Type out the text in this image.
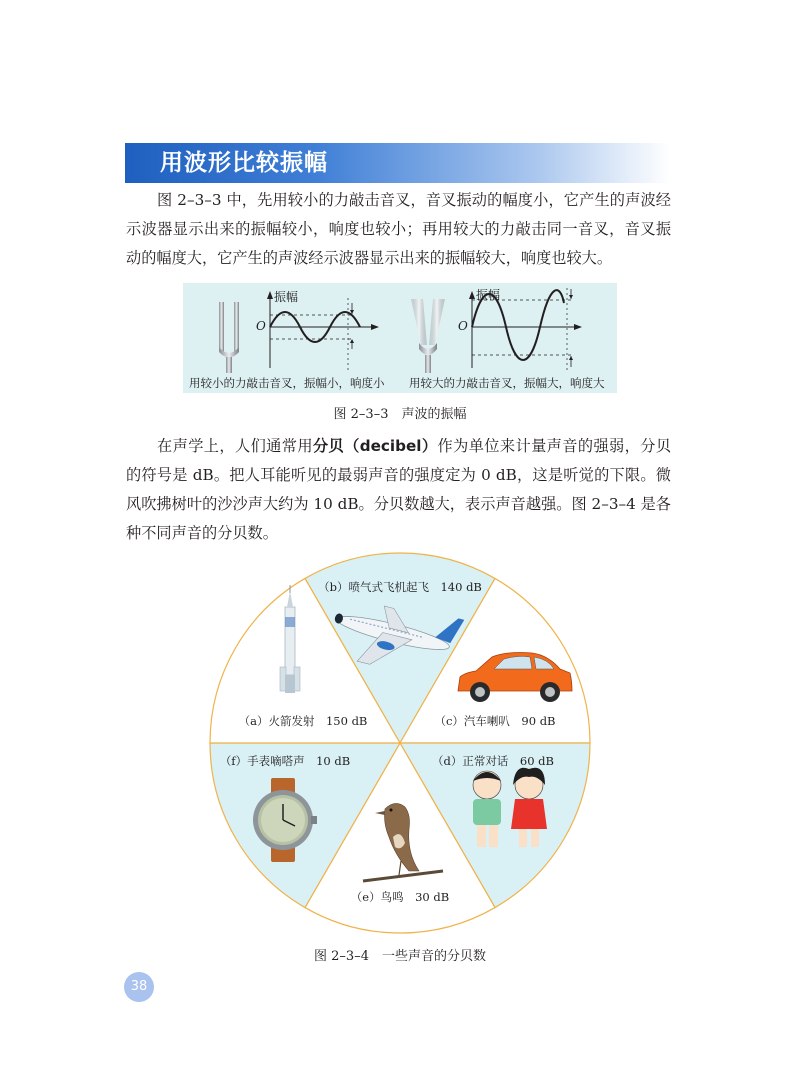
用波形比较振幅

图 2–3–3 中，先用较小的力敲击音叉，音叉振动的幅度小，它产生的声波经示波器显示出来的振幅较小，响度也较小；再用较大的力敲击同一音叉，音叉振动的幅度大，它产生的声波经示波器显示出来的振幅较大，响度也较大。

振幅
O
振幅
O
用较小的力敲击音叉，振幅小，响度小 用较大的力敲击音叉，振幅大，响度大
图 2–3–3　声波的振幅

在声学上，人们通常用分贝（decibel）作为单位来计量声音的强弱，分贝的符号是 dB。把人耳能听见的最弱声音的强度定为 0 dB，这是听觉的下限。微风吹拂树叶的沙沙声大约为 10 dB。分贝数越大，表示声音越强。图 2–3–4 是各种不同声音的分贝数。

（a）火箭发射　150 dB
（b）喷气式飞机起飞　140 dB
（c）汽车喇叭　90 dB
（d）正常对话　60 dB
（e）鸟鸣　30 dB
（f）手表嘀嗒声　10 dB
图 2–3–4　一些声音的分贝数
38
